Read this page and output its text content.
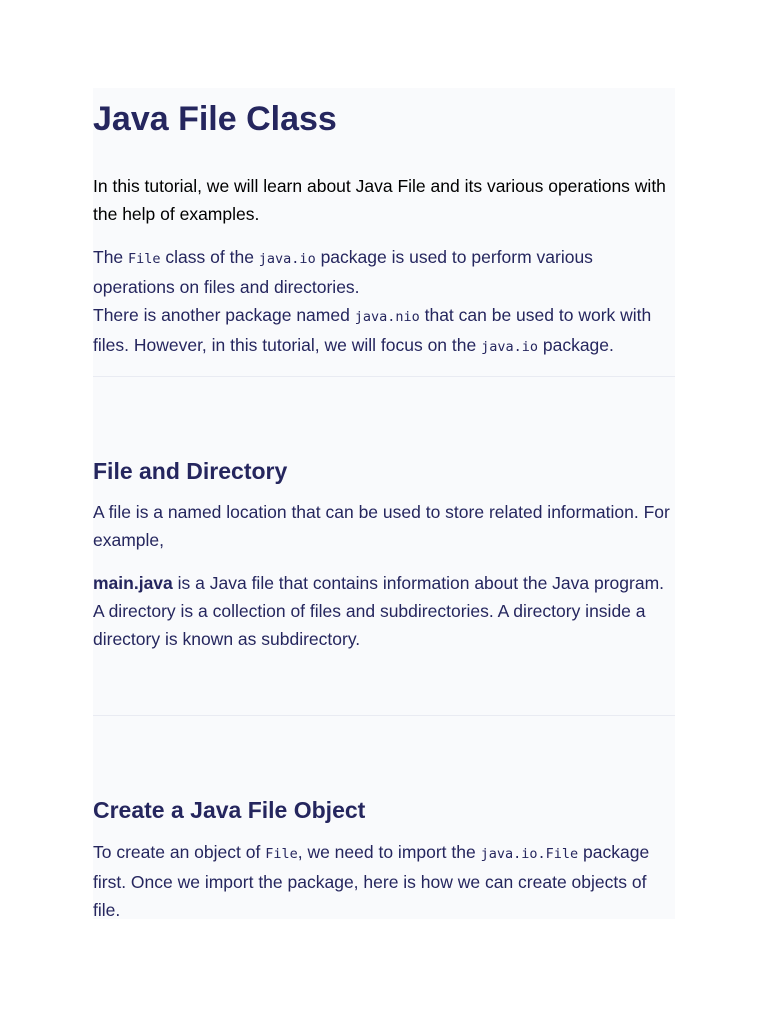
Java File Class

In this tutorial, we will learn about Java File and its various operations with the help of examples.

The File class of the java.io package is used to perform various operations on files and directories.

There is another package named java.nio that can be used to work with files. However, in this tutorial, we will focus on the java.io package.

File and Directory

A file is a named location that can be used to store related information. For example,

main.java is a Java file that contains information about the Java program.

A directory is a collection of files and subdirectories. A directory inside a directory is known as subdirectory.

Create a Java File Object

To create an object of File, we need to import the java.io.File package first. Once we import the package, here is how we can create objects of file.
